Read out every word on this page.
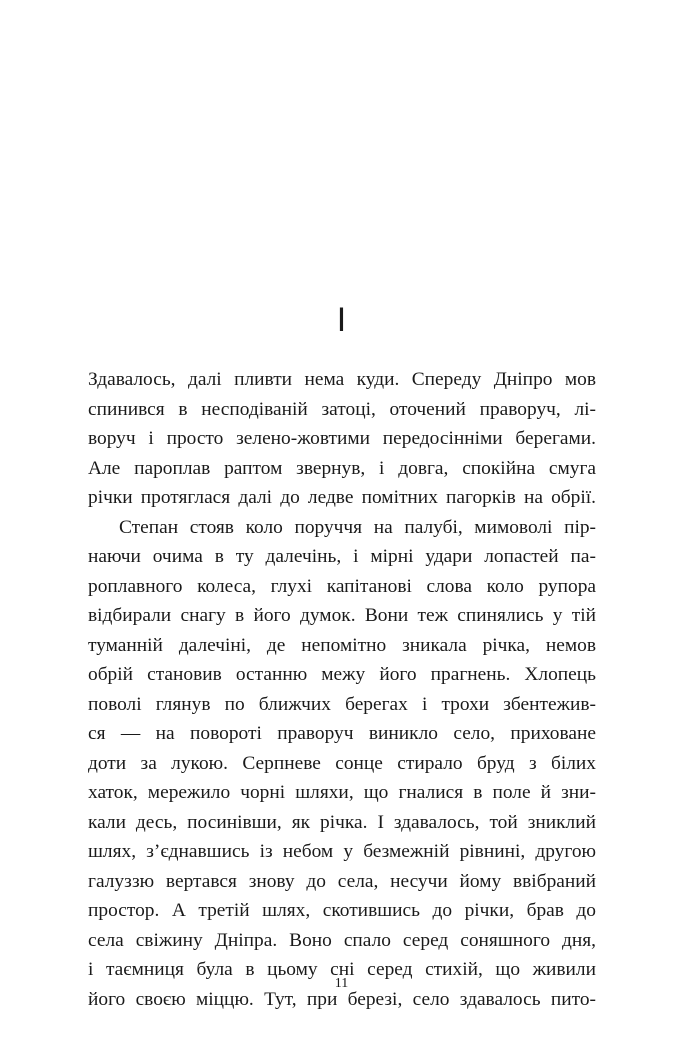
І
Здавалось, далі пливти нема куди. Спереду Дніпро мов
спинився в несподіваній затоці, оточений праворуч, лі-
воруч і просто зелено-жовтими передосінніми берегами.
Але пароплав раптом звернув, і довга, спокійна смуга
річки протяглася далі до ледве помітних пагорків на обрії.
Степан стояв коло поруччя на палубі, мимоволі пір-
наючи очима в ту далечінь, і мірні удари лопастей па-
роплавного колеса, глухі капітанові слова коло рупора
відбирали снагу в його думок. Вони теж спинялись у тій
туманній далечіні, де непомітно зникала річка, немов
обрій становив останню межу його прагнень. Хлопець
поволі глянув по ближчих берегах і трохи збентежив-
ся — на повороті праворуч виникло село, приховане
доти за лукою. Серпневе сонце стирало бруд з білих
хаток, мережило чорні шляхи, що гналися в поле й зни-
кали десь, посинівши, як річка. І здавалось, той зниклий
шлях, з’єднавшись із небом у безмежній рівнині, другою
галуззю вертався знову до села, несучи йому ввібраний
простор. А третій шлях, скотившись до річки, брав до
села свіжину Дніпра. Воно спало серед соняшного дня,
і таємниця була в цьому сні серед стихій, що живили
його своєю міццю. Тут, при березі, село здавалось пито-
11
